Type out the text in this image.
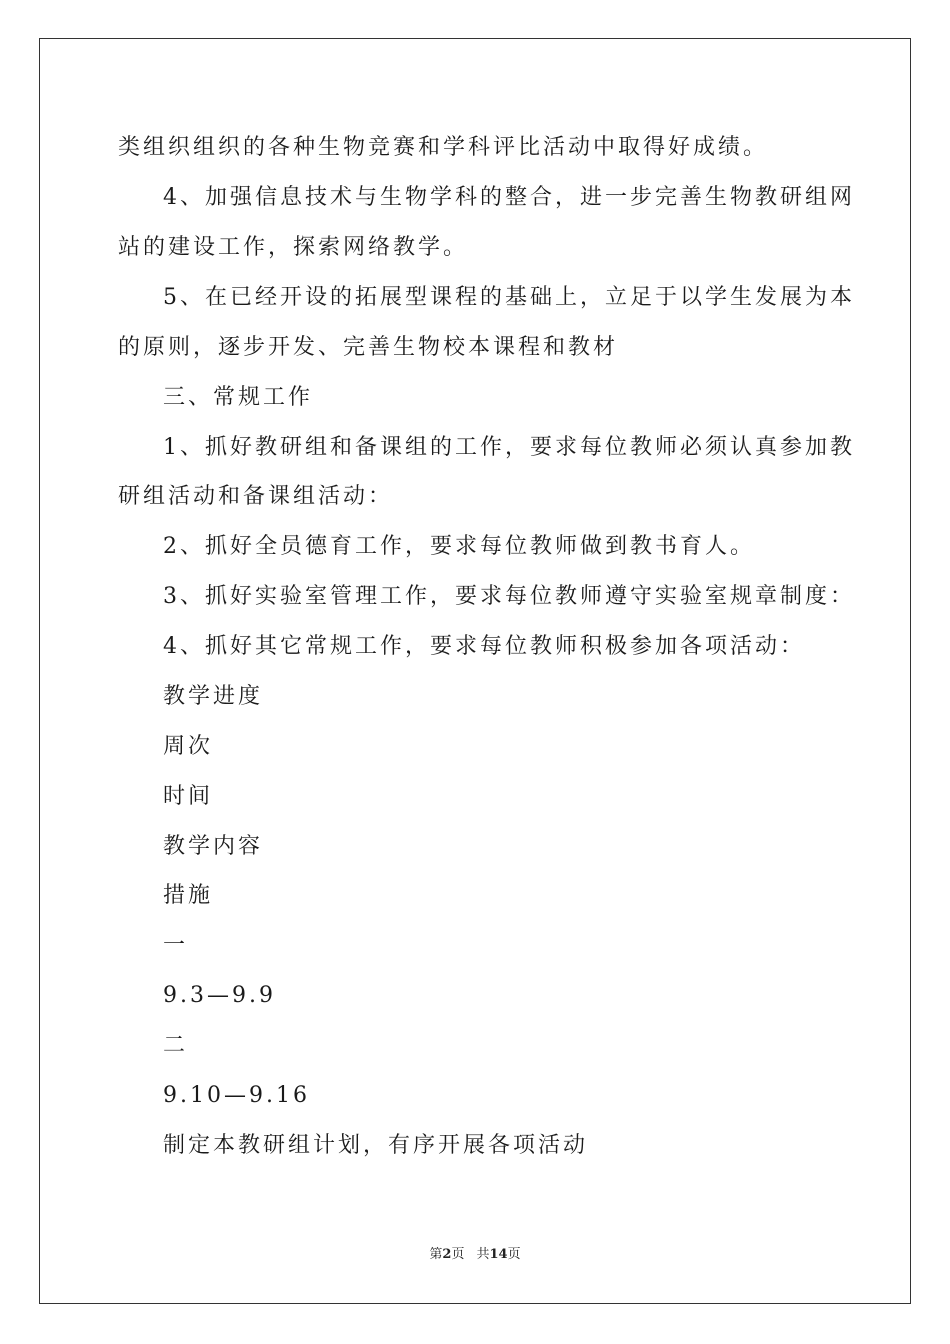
类组织组织的各种生物竞赛和学科评比活动中取得好成绩。
4、加强信息技术与生物学科的整合，进一步完善生物教研组网
站的建设工作，探索网络教学。
5、在已经开设的拓展型课程的基础上，立足于以学生发展为本
的原则，逐步开发、完善生物校本课程和教材
三、常规工作
1、抓好教研组和备课组的工作，要求每位教师必须认真参加教
研组活动和备课组活动：
2、抓好全员德育工作，要求每位教师做到教书育人。
3、抓好实验室管理工作，要求每位教师遵守实验室规章制度：
4、抓好其它常规工作，要求每位教师积极参加各项活动：
教学进度
周次
时间
教学内容
措施
一
9.3—9.9
二
9.10—9.16
制定本教研组计划，有序开展各项活动
第2页 共14页
